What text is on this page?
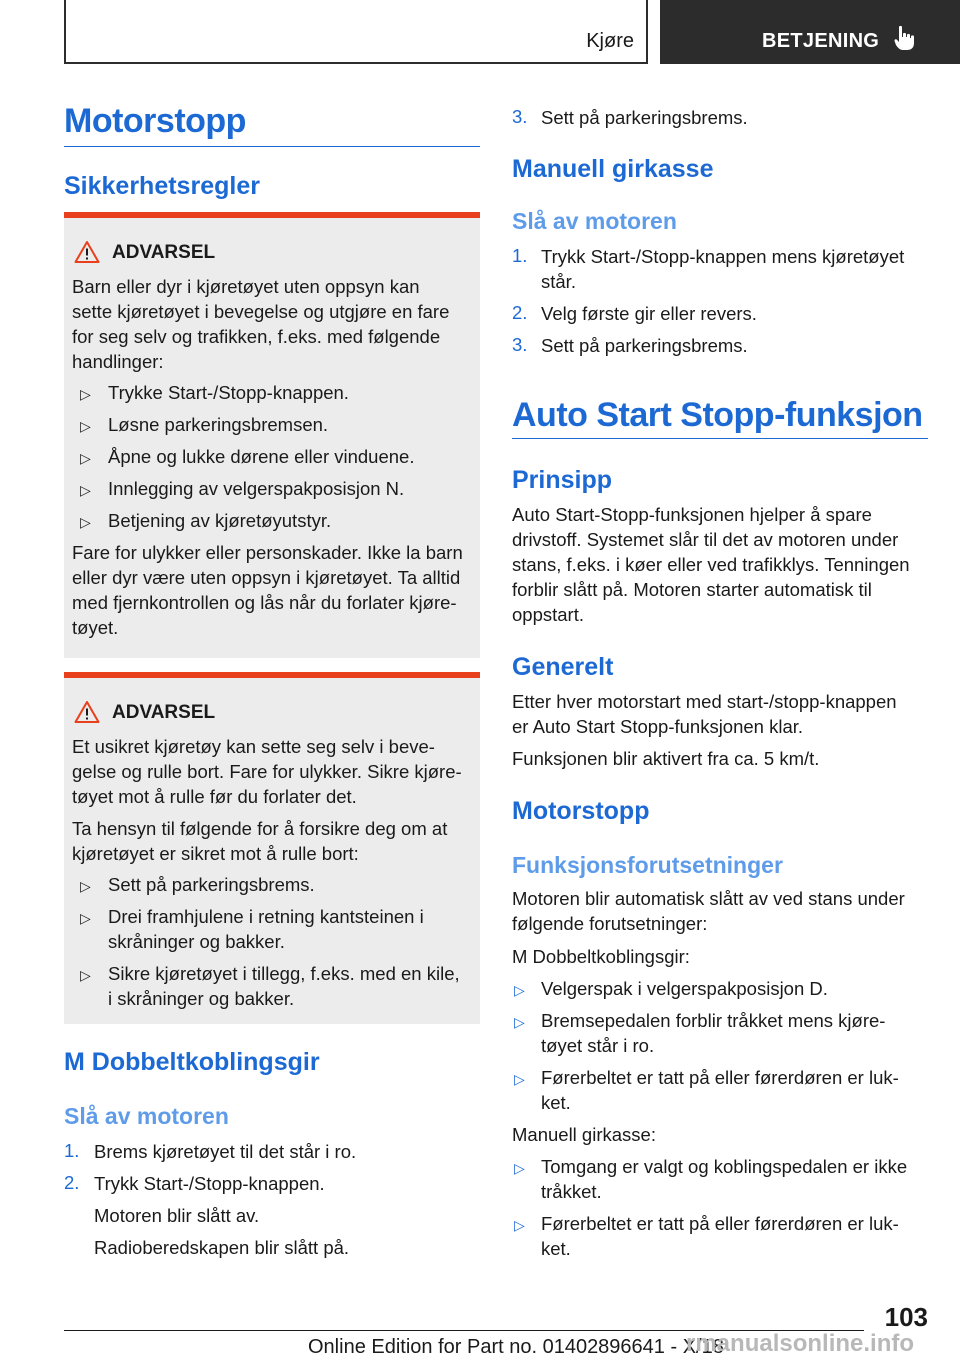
Kjøre	BETJENING
Motorstopp
Sikkerhetsregler
ADVARSEL
Barn eller dyr i kjøretøyet uten oppsyn kan
sette kjøretøyet i bevegelse og utgjøre en fare
for seg selv og trafikken, f.eks. med følgende
handlinger:
▷ Trykke Start-/Stopp-knappen.
▷ Løsne parkeringsbremsen.
▷ Åpne og lukke dørene eller vinduene.
▷ Innlegging av velgerspakposisjon N.
▷ Betjening av kjøretøyutstyr.
Fare for ulykker eller personskader. Ikke la barn
eller dyr være uten oppsyn i kjøretøyet. Ta alltid
med fjernkontrollen og lås når du forlater kjøre-
tøyet.
ADVARSEL
Et usikret kjøretøy kan sette seg selv i beve-
gelse og rulle bort. Fare for ulykker. Sikre kjøre-
tøyet mot å rulle før du forlater det.
Ta hensyn til følgende for å forsikre deg om at
kjøretøyet er sikret mot å rulle bort:
▷ Sett på parkeringsbrems.
▷ Drei framhjulene i retning kantsteinen i
skråninger og bakker.
▷ Sikre kjøretøyet i tillegg, f.eks. med en kile,
i skråninger og bakker.
M Dobbeltkoblingsgir
Slå av motoren
1. Brems kjøretøyet til det står i ro.
2. Trykk Start-/Stopp-knappen.
Motoren blir slått av.
Radioberedskapen blir slått på.
3. Sett på parkeringsbrems.
Manuell girkasse
Slå av motoren
1. Trykk Start-/Stopp-knappen mens kjøretøyet
står.
2. Velg første gir eller revers.
3. Sett på parkeringsbrems.
Auto Start Stopp-funksjon
Prinsipp
Auto Start-Stopp-funksjonen hjelper å spare
drivstoff. Systemet slår til det av motoren under
stans, f.eks. i køer eller ved trafikklys. Tenningen
forblir slått på. Motoren starter automatisk til
oppstart.
Generelt
Etter hver motorstart med start-/stopp-knappen
er Auto Start Stopp-funksjonen klar.
Funksjonen blir aktivert fra ca. 5 km/t.
Motorstopp
Funksjonsforutsetninger
Motoren blir automatisk slått av ved stans under
følgende forutsetninger:
M Dobbeltkoblingsgir:
▷ Velgerspak i velgerspakposisjon D.
▷ Bremsepedalen forblir tråkket mens kjøre-
tøyet står i ro.
▷ Førerbeltet er tatt på eller førerdøren er luk-
ket.
Manuell girkasse:
▷ Tomgang er valgt og koblingspedalen er ikke
tråkket.
▷ Førerbeltet er tatt på eller førerdøren er luk-
ket.
103
Online Edition for Part no. 01402896641 - X/18
rmanualsonline.info
